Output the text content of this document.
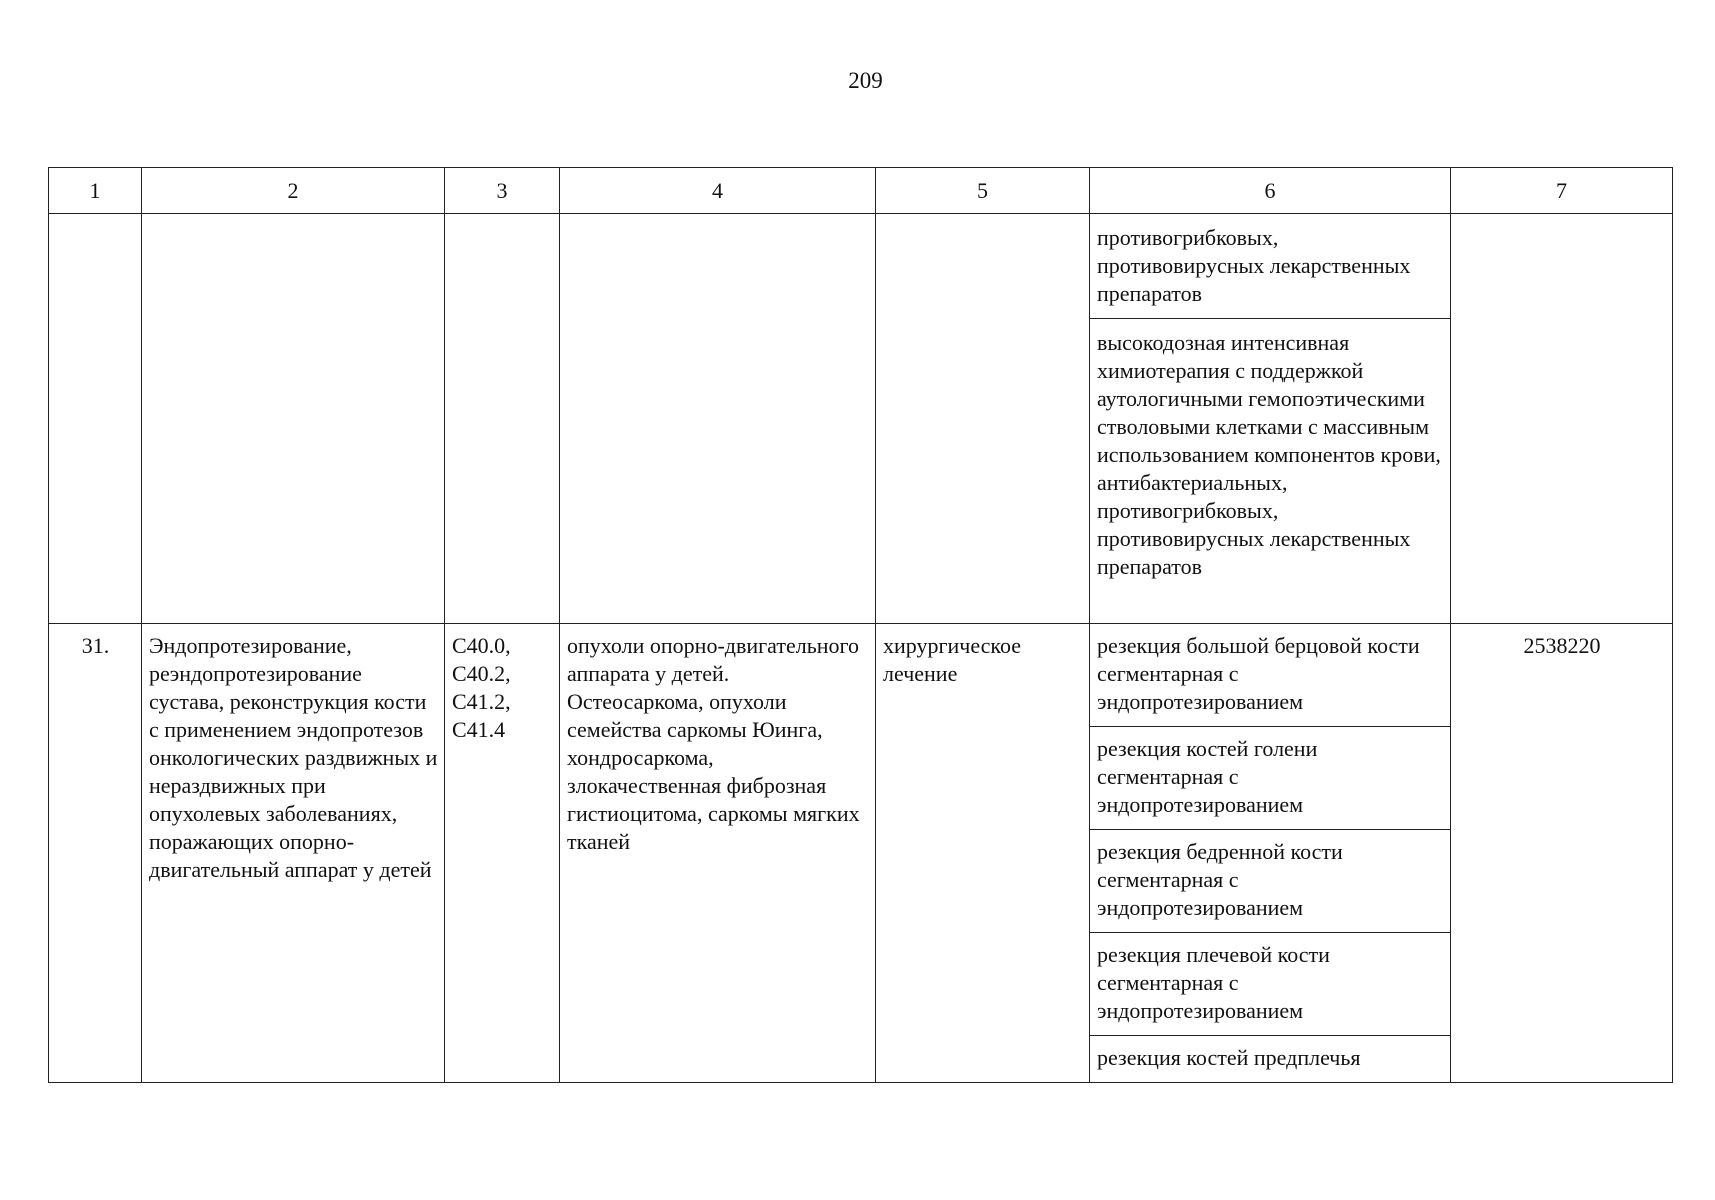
209
1	2	3	4	5	6	7
					противогрибковых, противовирусных лекарственных препаратов	
					высокодозная интенсивная химиотерапия с поддержкой аутологичными гемопоэтическими стволовыми клетками с массивным использованием компонентов крови, антибактериальных, противогрибковых, противовирусных лекарственных препаратов	
31.	Эндопротезирование, реэндопротезирование сустава, реконструкция кости с применением эндопротезов онкологических раздвижных и нераздвижных при опухолевых заболеваниях, поражающих опорно-двигательный аппарат у детей	С40.0, С40.2, С41.2, С41.4	опухоли опорно-двигательного аппарата у детей. Остеосаркома, опухоли семейства саркомы Юинга, хондросаркома, злокачественная фиброзная гистиоцитома, саркомы мягких тканей	хирургическое лечение	резекция большой берцовой кости сегментарная с эндопротезированием	2538220
					резекция костей голени сегментарная с эндопротезированием	
					резекция бедренной кости сегментарная с эндопротезированием	
					резекция плечевой кости сегментарная с эндопротезированием	
					резекция костей предплечья	
